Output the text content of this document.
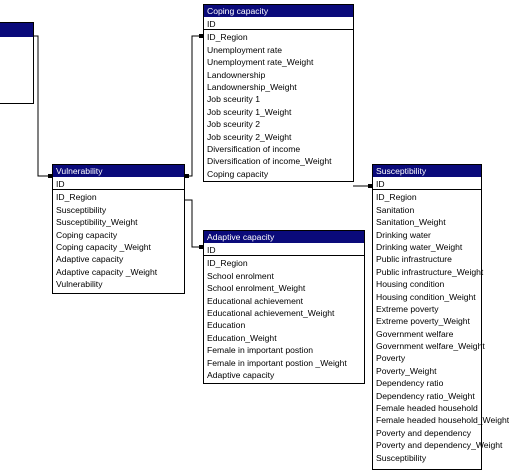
Coping capacity
ID
ID_Region
Unemployment rate
Unemployment rate_Weight
Landownership
Landownership_Weight
Job sceurity 1
Job sceurity 1_Weight
Job sceurity 2
Job sceurity 2_Weight
Diversification of income
Diversification of income_Weight
Coping capacity
Vulnerability
ID
ID_Region
Susceptibility
Susceptibility_Weight
Coping capacity
Coping capacity _Weight
Adaptive capacity
Adaptive capacity _Weight
Vulnerability
Adaptive capacity
ID
ID_Region
School enrolment
School enrolment_Weight
Educational achievement
Educational achievement_Weight
Education
Education_Weight
Female in important postion
Female in important postion _Weight
Adaptive capacity
Susceptibility
ID
ID_Region
Sanitation
Sanitation_Weight
Drinking water
Drinking water_Weight
Public infrastructure
Public infrastructure_Weight
Housing condition
Housing condition_Weight
Extreme poverty
Extreme poverty_Weight
Government welfare
Government welfare_Weight
Poverty
Poverty_Weight
Dependency ratio
Dependency ratio_Weight
Female headed household
Female headed household_Weight
Poverty and dependency
Poverty and dependency_Weight
Susceptibility
